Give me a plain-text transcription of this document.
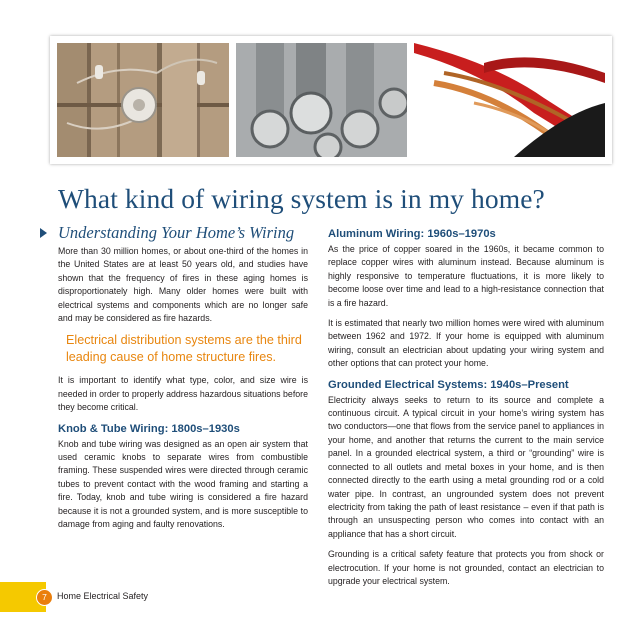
What kind of wiring system is in my home?
Understanding Your Home’s Wiring

More than 30 million homes, or about one-third of the homes in the United States are at least 50 years old, and studies have shown that the frequency of fires in these aging homes is disproportionately high. Many older homes were built with electrical systems and components which are no longer safe and may be considered as fire hazards.

Electrical distribution systems are the third leading cause of home structure fires.

It is important to identify what type, color, and size wire is needed in order to properly address hazardous situations before they become critical.

Knob & Tube Wiring: 1800s–1930s

Knob and tube wiring was designed as an open air system that used ceramic knobs to separate wires from combustible framing. These suspended wires were directed through ceramic tubes to prevent contact with the wood framing and starting a fire. Today, knob and tube wiring is considered a fire hazard because it is not a grounded system, and is more susceptible to damage from aging and faulty renovations.

Aluminum Wiring: 1960s–1970s

As the price of copper soared in the 1960s, it became common to replace copper wires with aluminum instead. Because aluminum is highly responsive to temperature fluctuations, it is more likely to become loose over time and lead to a high-resistance connection that is a fire hazard.

It is estimated that nearly two million homes were wired with aluminum between 1962 and 1972. If your home is equipped with aluminum wiring, consult an electrician about updating your wiring system and other options that can protect your home.

Grounded Electrical Systems: 1940s–Present

Electricity always seeks to return to its source and complete a continuous circuit. A typical circuit in your home’s wiring system has two conductors—one that flows from the service panel to appliances in your home, and another that returns the current to the main service panel. In a grounded electrical system, a third or “grounding” wire is connected to all outlets and metal boxes in your home, and is then connected directly to the earth using a metal grounding rod or a cold water pipe. In contrast, an ungrounded system does not prevent electricity from taking the path of least resistance – even if that path is through an unsuspecting person who comes into contact with an appliance that has a short circuit.

Grounding is a critical safety feature that protects you from shock or electrocution. If your home is not grounded, contact an electrician to upgrade your electrical system.

7	Home Electrical Safety
